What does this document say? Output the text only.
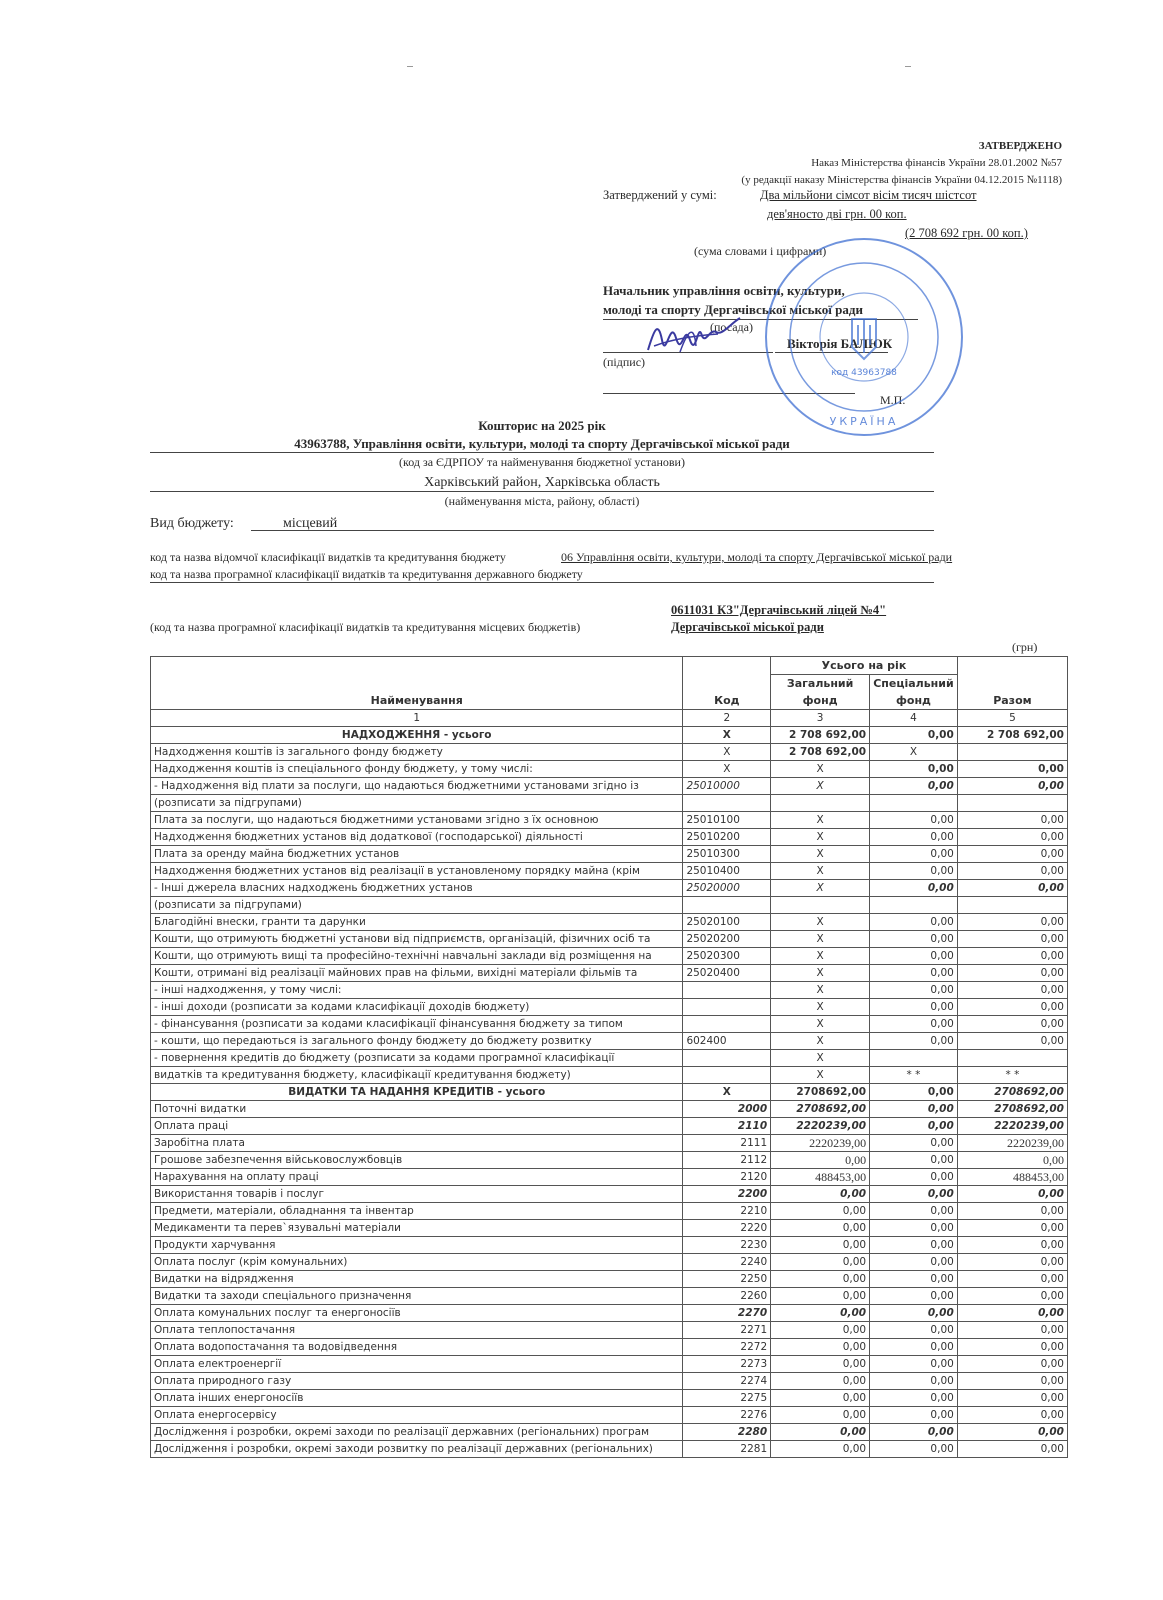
ЗАТВЕРДЖЕНО
Наказ Міністерства фінансів України 28.01.2002 №57
(у редакції наказу Міністерства фінансів України 04.12.2015 №1118)
Затверджений у сумі:	Два мільйони сімсот вісім тисяч шістсот
дев'яносто дві грн. 00 коп.
(2 708 692 грн. 00 коп.)
(сума словами і цифрами)
Начальник управління освіти, культури,
молоді та спорту Дергачівської міської ради
(посада)
Вікторія БАЛЮК
(підпис)
М.П.
код 43963788
УКРАЇНА
Кошторис на 2025 рік
43963788, Управління освіти, культури, молоді та спорту Дергачівської міської ради
(код за ЄДРПОУ та найменування бюджетної установи)
Харківський район, Харківська область
(найменування міста, району, області)
Вид бюджету:	місцевий
код та назва відомчої класифікації видатків та кредитування бюджету	06 Управління освіти, культури, молоді та спорту Дергачівської міської ради
код та назва програмної класифікації видатків та кредитування державного бюджету
0611031 КЗ"Дергачівський ліцей №4"
(код та назва програмної класифікації видатків та кредитування місцевих бюджетів)	Дергачівської міської ради
(грн)
Найменування	Код	Усього на рік		Разом
		Загальний	Спеціальний	
		фонд	фонд	
1	2	3	4	5
НАДХОДЖЕННЯ - усього	Х	2 708 692,00	0,00	2 708 692,00
Надходження коштів із загального фонду бюджету	Х	2 708 692,00	Х	
Надходження коштів із спеціального фонду бюджету, у тому числі:	Х	Х	0,00	0,00
- Надходження від плати за послуги, що надаються бюджетними установами згідно із	25010000	Х	0,00	0,00
(розписати за підгрупами)				
Плата за послуги, що надаються бюджетними установами згідно з їх основною	25010100	Х	0,00	0,00
Надходження бюджетних установ від додаткової (господарської) діяльності	25010200	Х	0,00	0,00
Плата за оренду майна бюджетних установ	25010300	Х	0,00	0,00
Надходження бюджетних установ від реалізації в установленому порядку майна (крім	25010400	Х	0,00	0,00
- Інші джерела власних надходжень бюджетних установ	25020000	Х	0,00	0,00
(розписати за підгрупами)				
Благодійні внески, гранти та дарунки	25020100	Х	0,00	0,00
Кошти, що отримують бюджетні установи від підприємств, організацій, фізичних осіб та	25020200	Х	0,00	0,00
Кошти, що отримують вищі та професійно-технічні навчальні заклади від розміщення на	25020300	Х	0,00	0,00
Кошти, отримані від реалізації майнових прав на фільми, вихідні матеріали фільмів та	25020400	Х	0,00	0,00
- інші надходження, у тому числі:		Х	0,00	0,00
- інші доходи (розписати за кодами класифікації доходів бюджету)		Х	0,00	0,00
- фінансування (розписати за кодами класифікації фінансування бюджету за типом		Х	0,00	0,00
- кошти, що передаються із загального фонду бюджету до бюджету розвитку	602400	Х	0,00	0,00
- повернення кредитів до бюджету (розписати за кодами програмної класифікації		Х		
видатків та кредитування бюджету, класифікації кредитування бюджету)		Х	* *	* *
ВИДАТКИ ТА НАДАННЯ КРЕДИТІВ - усього	Х	2708692,00	0,00	2708692,00
Поточні видатки	2000	2708692,00	0,00	2708692,00
Оплата праці	2110	2220239,00	0,00	2220239,00
Заробітна плата	2111	2220239,00	0,00	2220239,00
Грошове забезпечення військовослужбовців	2112	0,00	0,00	0,00
Нарахування на оплату праці	2120	488453,00	0,00	488453,00
Використання товарів і послуг	2200	0,00	0,00	0,00
Предмети, матеріали, обладнання та інвентар	2210	0,00	0,00	0,00
Медикаменти та перев`язувальні матеріали	2220	0,00	0,00	0,00
Продукти харчування	2230	0,00	0,00	0,00
Оплата послуг (крім комунальних)	2240	0,00	0,00	0,00
Видатки на відрядження	2250	0,00	0,00	0,00
Видатки та заходи спеціального призначення	2260	0,00	0,00	0,00
Оплата комунальних послуг та енергоносіїв	2270	0,00	0,00	0,00
Оплата теплопостачання	2271	0,00	0,00	0,00
Оплата водопостачання та водовідведення	2272	0,00	0,00	0,00
Оплата електроенергії	2273	0,00	0,00	0,00
Оплата природного газу	2274	0,00	0,00	0,00
Оплата інших енергоносіїв	2275	0,00	0,00	0,00
Оплата енергосервісу	2276	0,00	0,00	0,00
Дослідження і розробки, окремі заходи по реалізації державних (регіональних) програм	2280	0,00	0,00	0,00
Дослідження і розробки, окремі заходи розвитку по реалізації державних (регіональних)	2281	0,00	0,00	0,00
